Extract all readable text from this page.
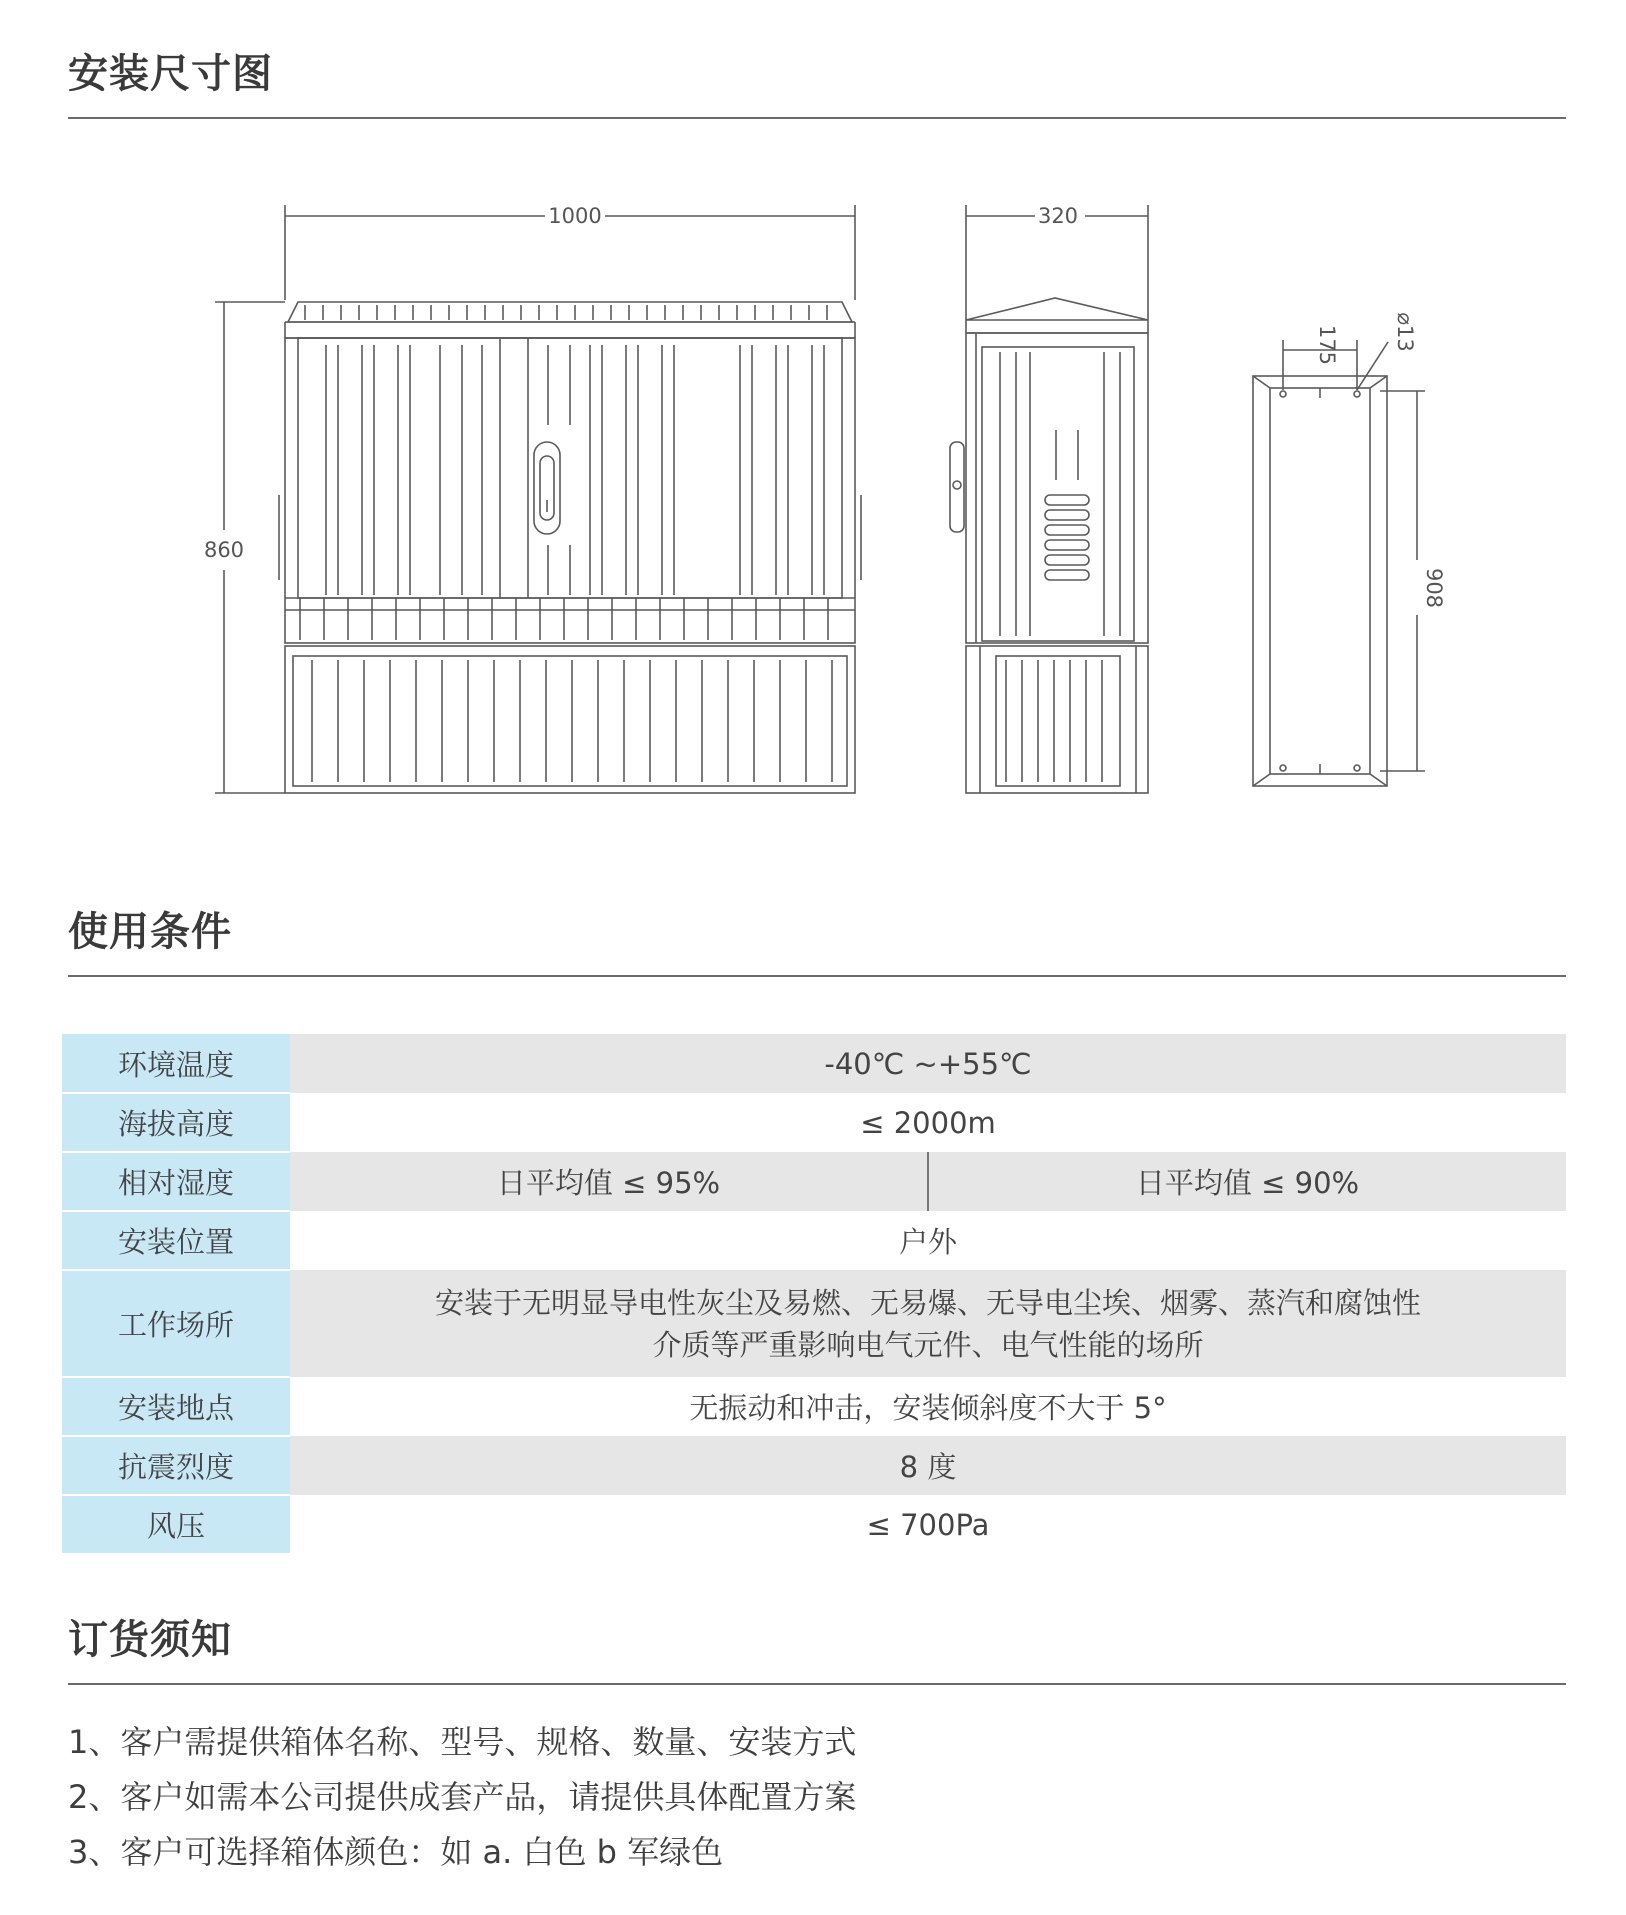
安装尺寸图
1000
860
320
175	⌀13
908
使用条件
环境温度	-40℃ ~+55℃	
海拔高度	≤ 2000m	
相对湿度	日平均值 ≤ 95%	日平均值 ≤ 90%
安装位置	户外	
工作场所	安装于无明显导电性灰尘及易燃、无易爆、无导电尘埃、烟雾、蒸汽和腐蚀性
介质等严重影响电气元件、电气性能的场所	

安装地点	无振动和冲击，安装倾斜度不大于 5°	
抗震烈度	8 度	
风压	≤ 700Pa	
订货须知
1、客户需提供箱体名称、型号、规格、数量、安装方式
2、客户如需本公司提供成套产品，请提供具体配置方案
3、客户可选择箱体颜色：如 a. 白色 b 军绿色
